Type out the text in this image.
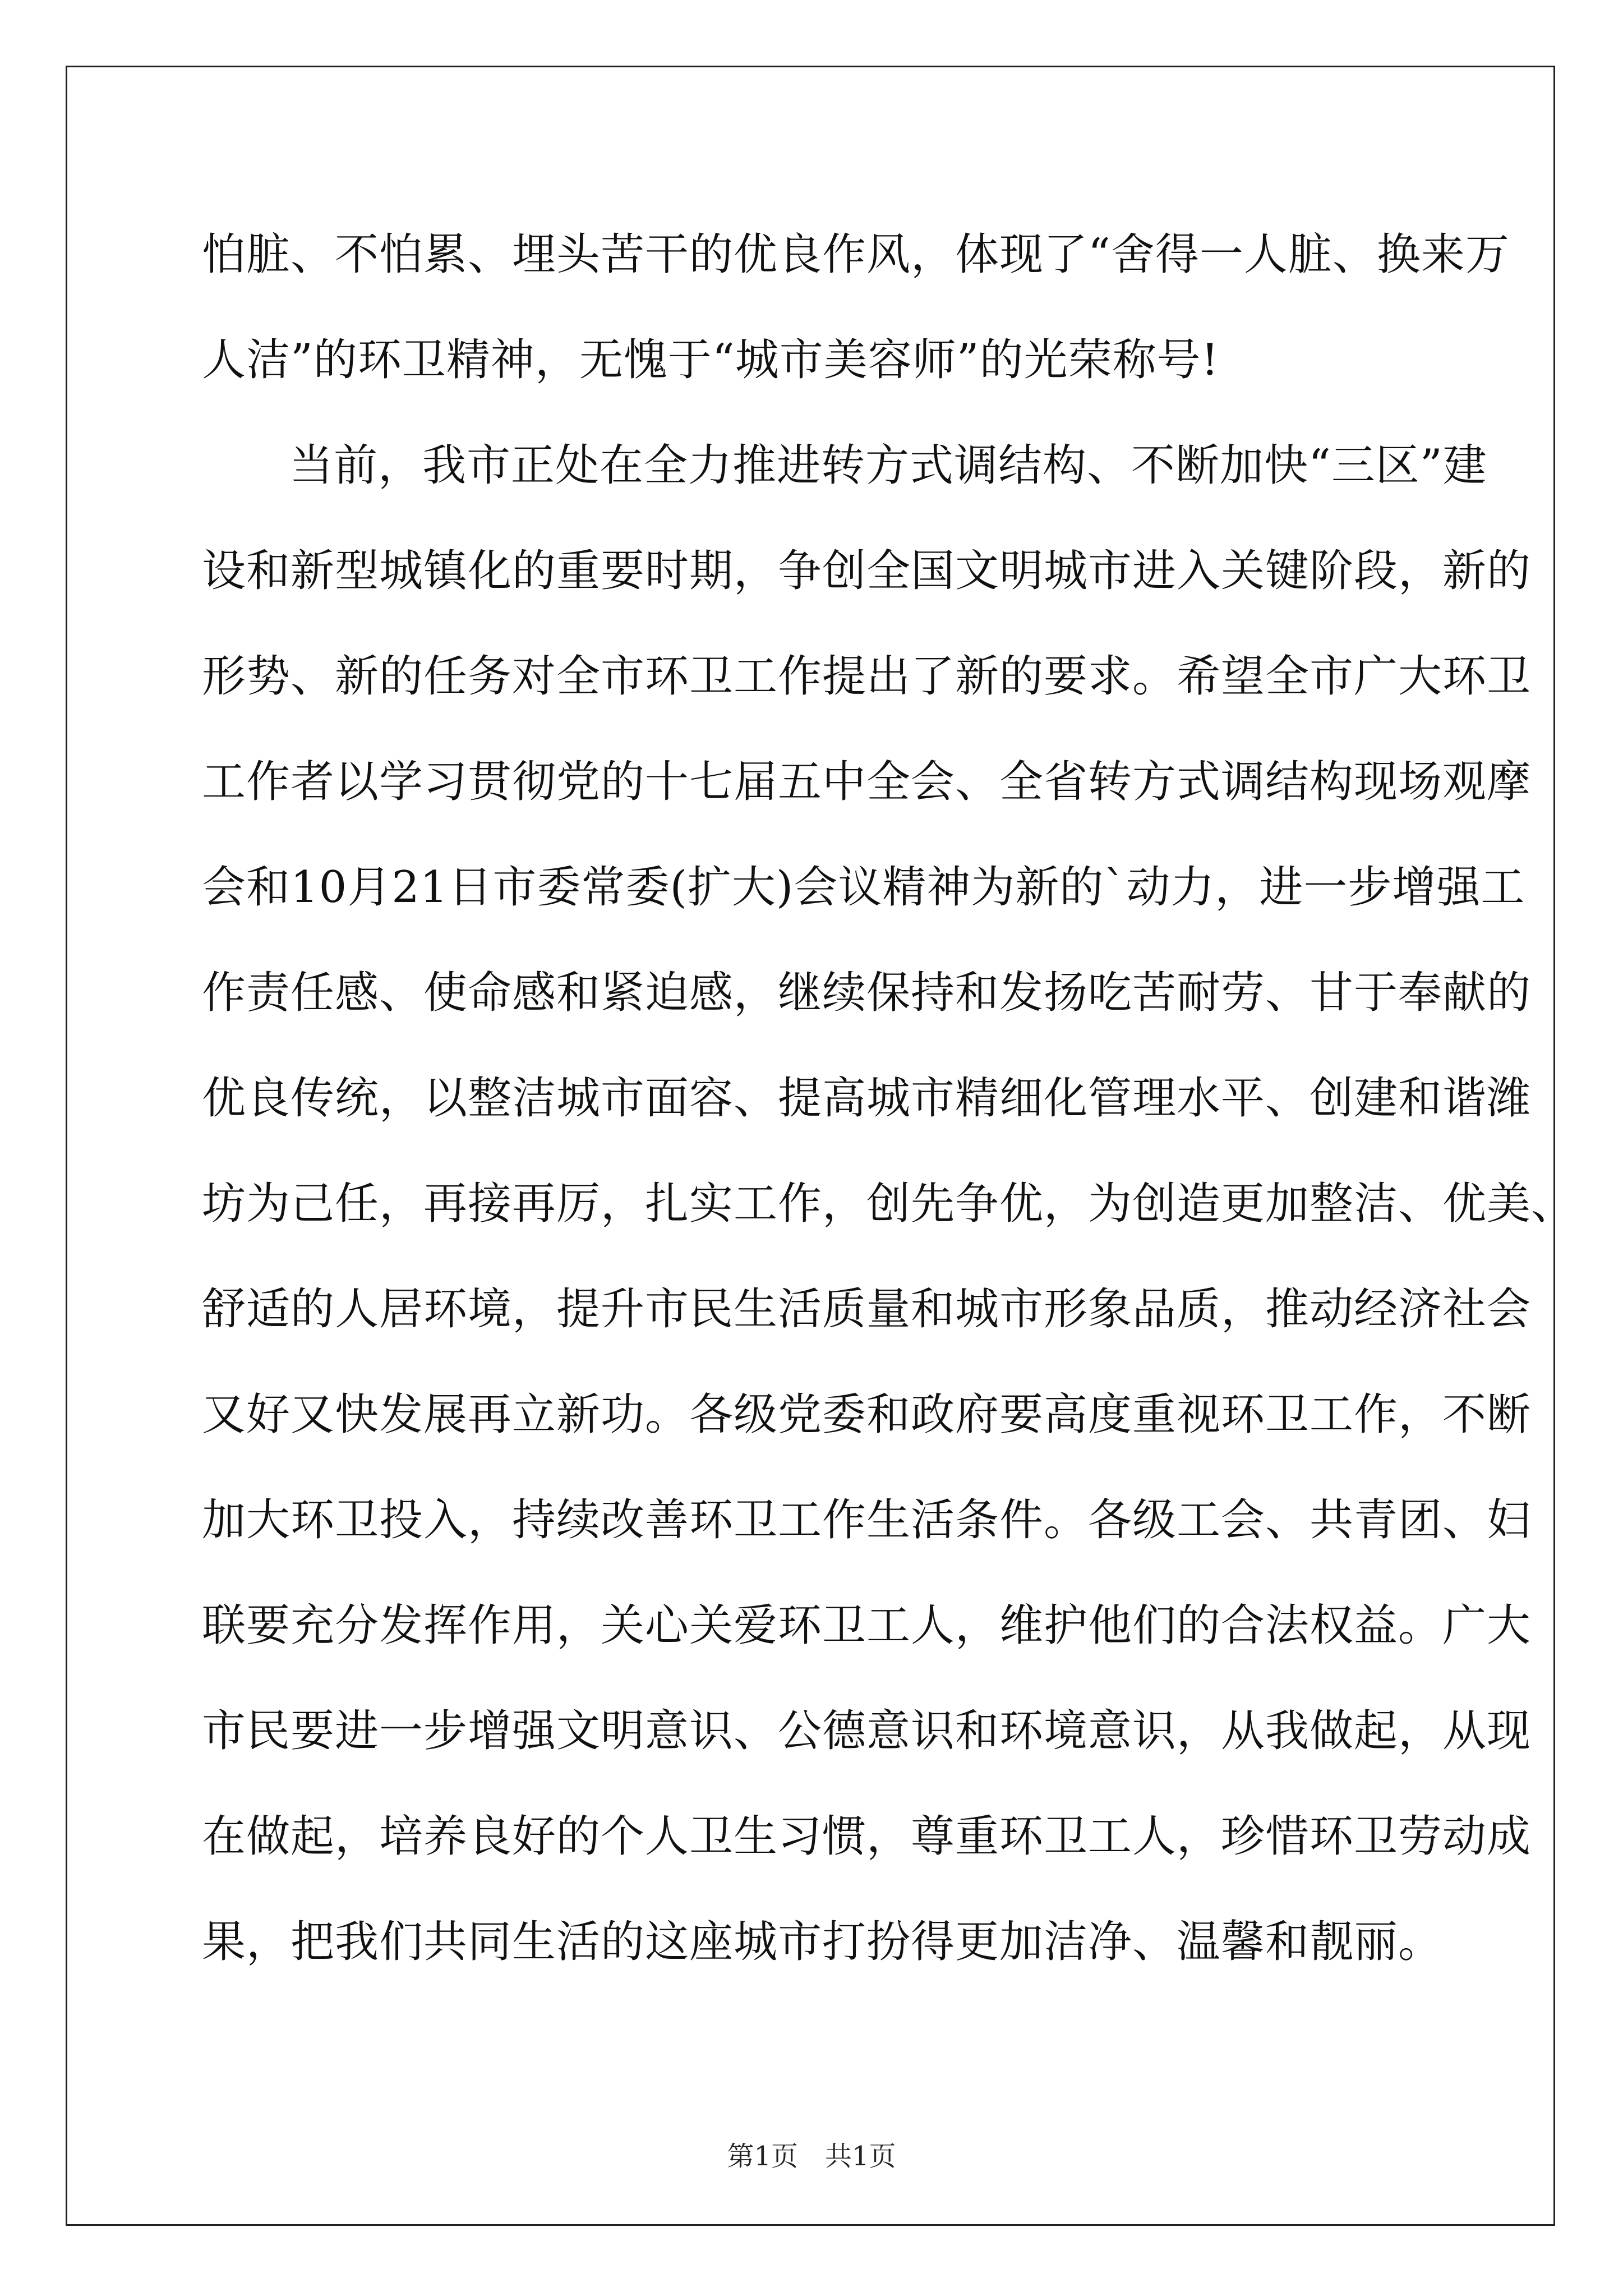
怕脏、不怕累、埋头苦干的优良作风，体现了“舍得一人脏、换来万
人洁”的环卫精神，无愧于“城市美容师”的光荣称号!
当前，我市正处在全力推进转方式调结构、不断加快“三区”建
设和新型城镇化的重要时期，争创全国文明城市进入关键阶段，新的
形势、新的任务对全市环卫工作提出了新的要求。希望全市广大环卫
工作者以学习贯彻党的十七届五中全会、全省转方式调结构现场观摩
会和10月21日市委常委(扩大)会议精神为新的`动力，进一步增强工
作责任感、使命感和紧迫感，继续保持和发扬吃苦耐劳、甘于奉献的
优良传统，以整洁城市面容、提高城市精细化管理水平、创建和谐潍
坊为己任，再接再厉，扎实工作，创先争优，为创造更加整洁、优美、
舒适的人居环境，提升市民生活质量和城市形象品质，推动经济社会
又好又快发展再立新功。各级党委和政府要高度重视环卫工作，不断
加大环卫投入，持续改善环卫工作生活条件。各级工会、共青团、妇
联要充分发挥作用，关心关爱环卫工人，维护他们的合法权益。广大
市民要进一步增强文明意识、公德意识和环境意识，从我做起，从现
在做起，培养良好的个人卫生习惯，尊重环卫工人，珍惜环卫劳动成
果，把我们共同生活的这座城市打扮得更加洁净、温馨和靓丽。
第1页 共1页
